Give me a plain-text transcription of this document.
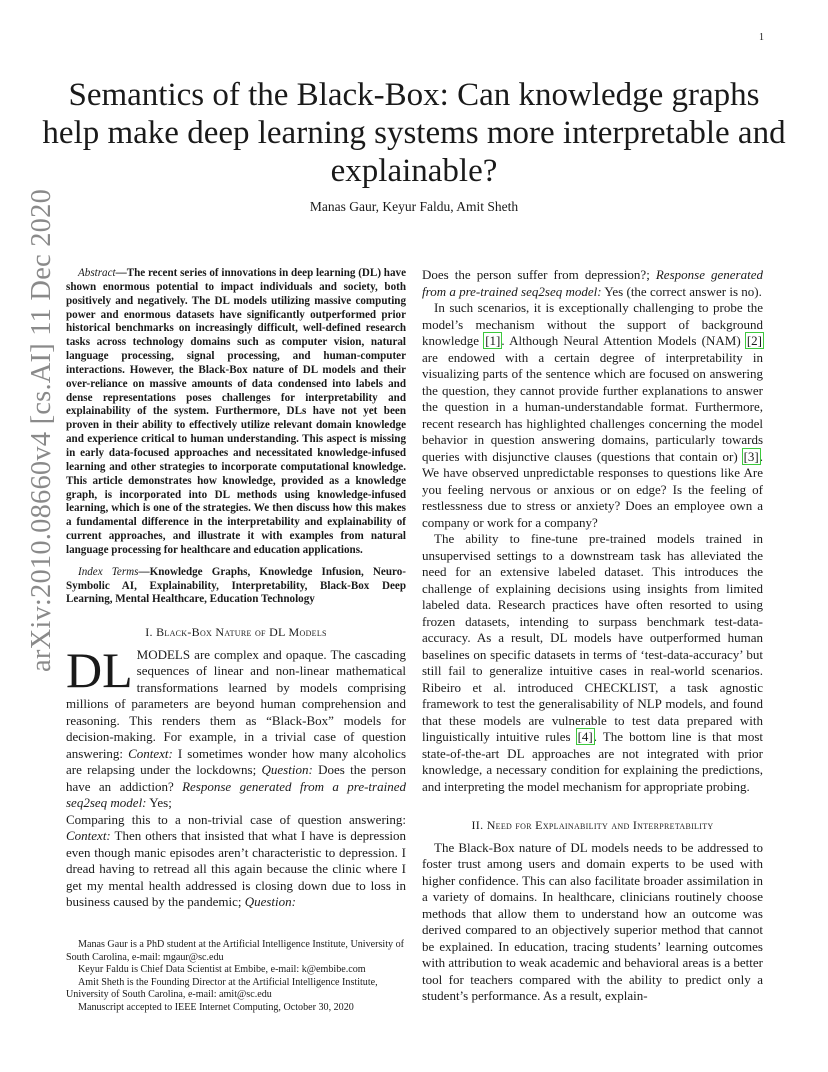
1
arXiv:2010.08660v4 [cs.AI] 11 Dec 2020
Semantics of the Black-Box: Can knowledge graphs help make deep learning systems more interpretable and explainable?
Manas Gaur, Keyur Faldu, Amit Sheth

Abstract—The recent series of innovations in deep learning (DL) have shown enormous potential to impact individuals and society, both positively and negatively. The DL models utilizing massive computing power and enormous datasets have significantly outperformed prior historical benchmarks on increasingly difficult, well-defined research tasks across technology domains such as computer vision, natural language processing, signal processing, and human-computer interactions. However, the Black-Box nature of DL models and their over-reliance on massive amounts of data condensed into labels and dense representations poses challenges for interpretability and explainability of the system. Furthermore, DLs have not yet been proven in their ability to effectively utilize relevant domain knowledge and experience critical to human understanding. This aspect is missing in early data-focused approaches and necessitated knowledge-infused learning and other strategies to incorporate computational knowledge. This article demonstrates how knowledge, provided as a knowledge graph, is incorporated into DL methods using knowledge-infused learning, which is one of the strategies. We then discuss how this makes a fundamental difference in the interpretability and explainability of current approaches, and illustrate it with examples from natural language processing for healthcare and education applications.

Index Terms—Knowledge Graphs, Knowledge Infusion, Neuro-Symbolic AI, Explainability, Interpretability, Black-Box Deep Learning, Mental Healthcare, Education Technology

I. Black-Box Nature of DL Models

DL MODELS are complex and opaque. The cascading sequences of linear and non-linear mathematical transformations learned by models comprising millions of parameters are beyond human comprehension and reasoning. This renders them as “Black-Box” models for decision-making. For example, in a trivial case of question answering: Context: I sometimes wonder how many alcoholics are relapsing under the lockdowns; Question: Does the person have an addiction? Response generated from a pre-trained seq2seq model: Yes;

Comparing this to a non-trivial case of question answering: Context: Then others that insisted that what I have is depression even though manic episodes aren’t characteristic to depression. I dread having to retread all this again because the clinic where I get my mental health addressed is closing down due to loss in business caused by the pandemic; Question:

Manas Gaur is a PhD student at the Artificial Intelligence Institute, University of South Carolina, e-mail: mgaur@sc.edu

Keyur Faldu is Chief Data Scientist at Embibe, e-mail: k@embibe.com

Amit Sheth is the Founding Director at the Artificial Intelligence Institute, University of South Carolina, e-mail: amit@sc.edu

Manuscript accepted to IEEE Internet Computing, October 30, 2020

Does the person suffer from depression?; Response generated from a pre-trained seq2seq model: Yes (the correct answer is no).

In such scenarios, it is exceptionally challenging to probe the model’s mechanism without the support of background knowledge [1]. Although Neural Attention Models (NAM) [2] are endowed with a certain degree of interpretability in visualizing parts of the sentence which are focused on answering the question, they cannot provide further explanations to answer the question in a human-understandable format. Furthermore, recent research has highlighted challenges concerning the model behavior in question answering domains, particularly towards queries with disjunctive clauses (questions that contain or) [3]. We have observed unpredictable responses to questions like Are you feeling nervous or anxious or on edge? Is the feeling of restlessness due to stress or anxiety? Does an employee own a company or work for a company?

The ability to fine-tune pre-trained models trained in unsupervised settings to a downstream task has alleviated the need for an extensive labeled dataset. This introduces the challenge of explaining decisions using insights from limited labeled data. Research practices have often resorted to using frozen datasets, intending to surpass benchmark test-data-accuracy. As a result, DL models have outperformed human baselines on specific datasets in terms of ‘test-data-accuracy’ but still fail to generalize intuitive cases in real-world scenarios. Ribeiro et al. introduced CHECKLIST, a task agnostic framework to test the generalisability of NLP models, and found that these models are vulnerable to test data prepared with linguistically intuitive rules [4]. The bottom line is that most state-of-the-art DL approaches are not integrated with prior knowledge, a necessary condition for explaining the predictions, and interpreting the model mechanism for appropriate probing.

II. Need for Explainability and Interpretability

The Black-Box nature of DL models needs to be addressed to foster trust among users and domain experts to be used with higher confidence. This can also facilitate broader assimilation in a variety of domains. In healthcare, clinicians routinely choose methods that allow them to understand how an outcome was derived compared to an objectively superior method that cannot be explained. In education, tracing students’ learning outcomes with attribution to weak academic and behavioral areas is a better tool for teachers compared with the ability to predict only a student’s performance. As a result, explain-
